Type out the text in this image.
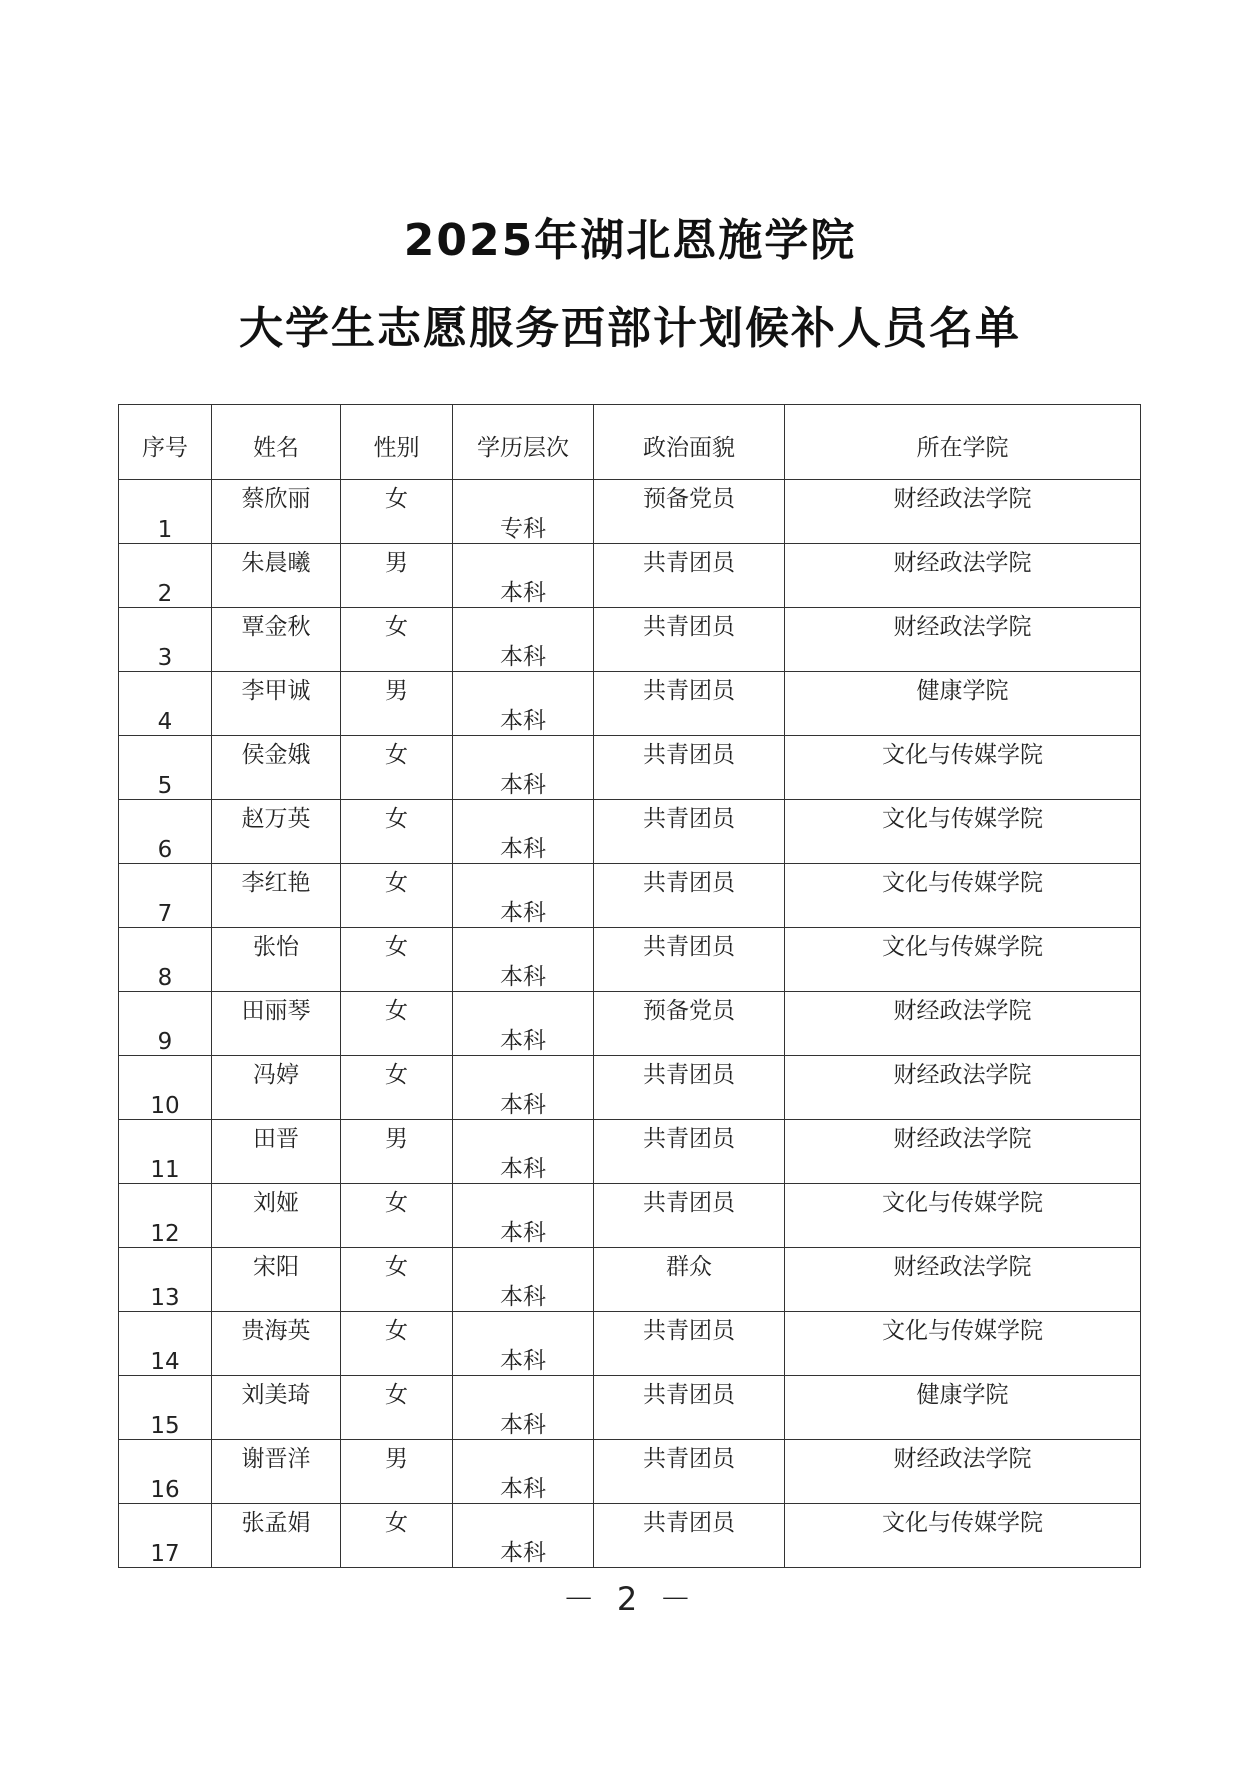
2025年湖北恩施学院
大学生志愿服务西部计划候补人员名单
序号	姓名	性别	学历层次	政治面貌	所在学院
1	蔡欣丽	女	专科	预备党员	财经政法学院
2	朱晨曦	男	本科	共青团员	财经政法学院
3	覃金秋	女	本科	共青团员	财经政法学院
4	李甲诚	男	本科	共青团员	健康学院
5	侯金娥	女	本科	共青团员	文化与传媒学院
6	赵万英	女	本科	共青团员	文化与传媒学院
7	李红艳	女	本科	共青团员	文化与传媒学院
8	张怡	女	本科	共青团员	文化与传媒学院
9	田丽琴	女	本科	预备党员	财经政法学院
10	冯婷	女	本科	共青团员	财经政法学院
11	田晋	男	本科	共青团员	财经政法学院
12	刘娅	女	本科	共青团员	文化与传媒学院
13	宋阳	女	本科	群众	财经政法学院
14	贵海英	女	本科	共青团员	文化与传媒学院
15	刘美琦	女	本科	共青团员	健康学院
16	谢晋洋	男	本科	共青团员	财经政法学院
17	张孟娟	女	本科	共青团员	文化与传媒学院
－ 2 －
